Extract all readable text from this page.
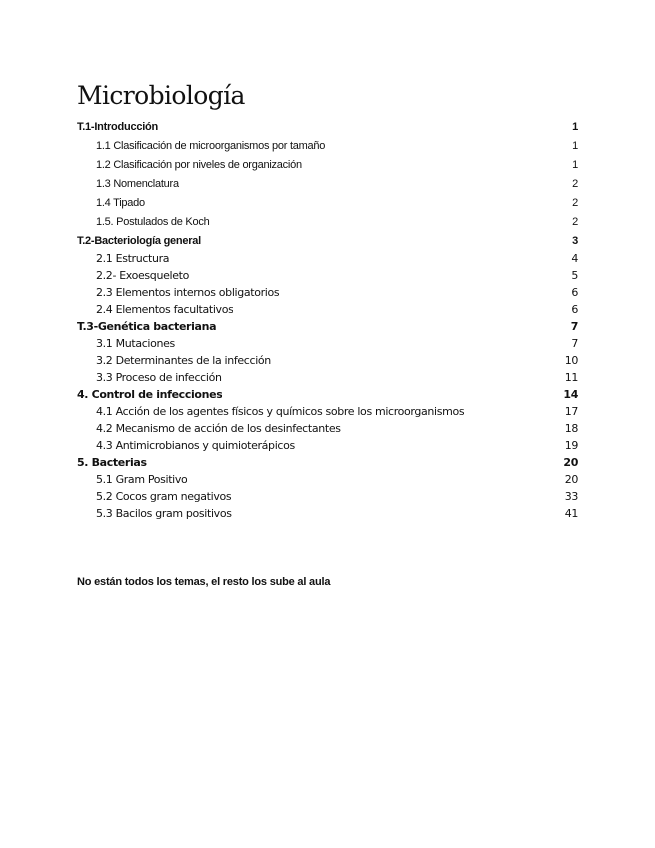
Microbiología
T.1-Introducción	1
1.1 Clasificación de microorganismos por tamaño	1
1.2 Clasificación por niveles de organización	1
1.3 Nomenclatura	2
1.4 Tipado	2
1.5. Postulados de Koch	2
T.2-Bacteriología general	3
2.1 Estructura	4
2.2- Exoesqueleto	5
2.3 Elementos internos obligatorios	6
2.4 Elementos facultativos	6
T.3-Genética bacteriana	7
3.1 Mutaciones	7
3.2 Determinantes de la infección	10
3.3 Proceso de infección	11
4. Control de infecciones	14
4.1 Acción de los agentes físicos y químicos sobre los microorganismos	17
4.2 Mecanismo de acción de los desinfectantes	18
4.3 Antimicrobianos y quimioterápicos	19
5. Bacterias	20
5.1 Gram Positivo	20
5.2 Cocos gram negativos	33
5.3 Bacilos gram positivos	41
No están todos los temas, el resto los sube al aula
